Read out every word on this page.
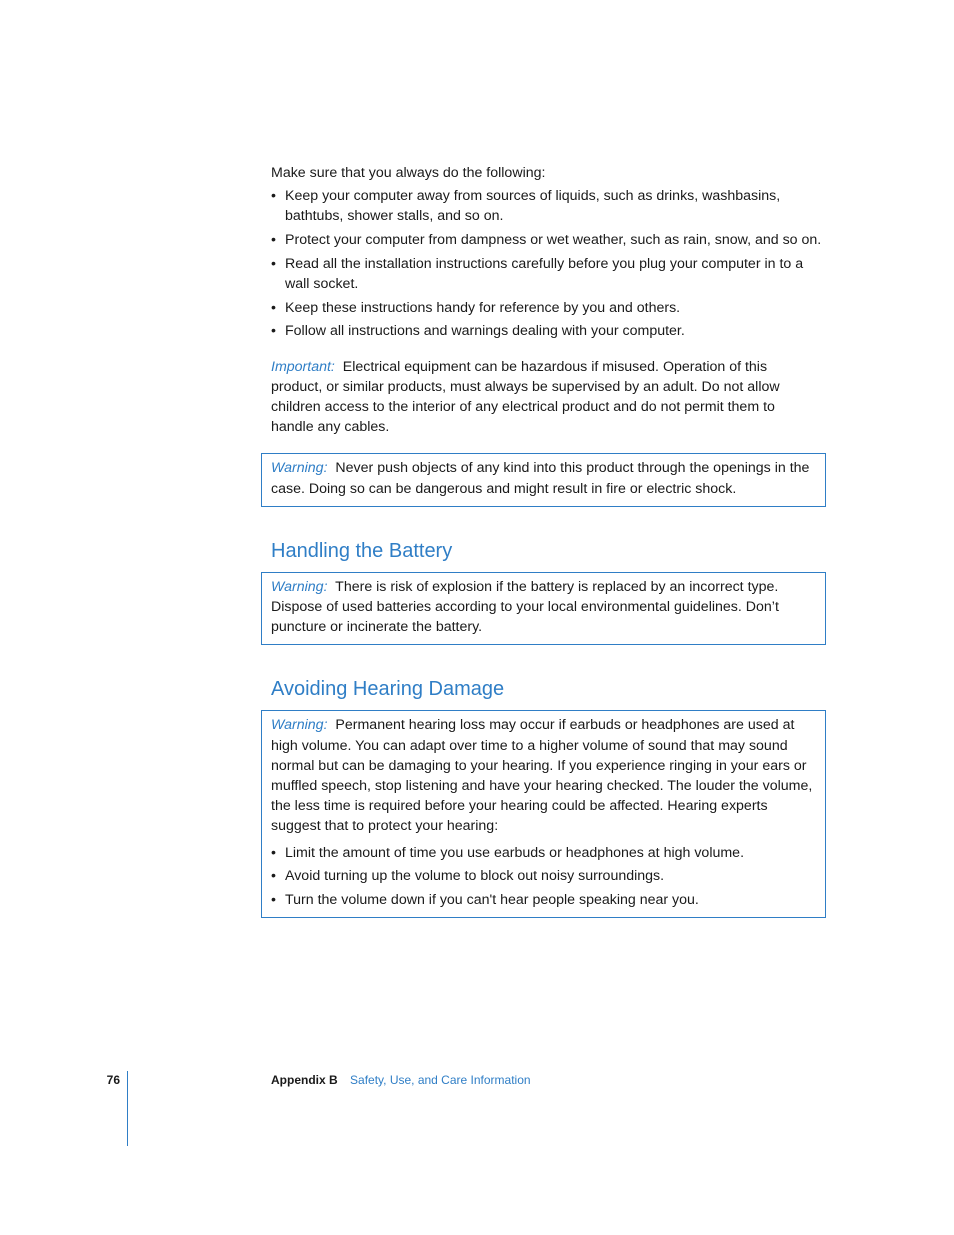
Make sure that you always do the following:

• Keep your computer away from sources of liquids, such as drinks, washbasins, bathtubs, shower stalls, and so on.
• Protect your computer from dampness or wet weather, such as rain, snow, and so on.
• Read all the installation instructions carefully before you plug your computer in to a wall socket.
• Keep these instructions handy for reference by you and others.
• Follow all instructions and warnings dealing with your computer.

Important: Electrical equipment can be hazardous if misused. Operation of this product, or similar products, must always be supervised by an adult. Do not allow children access to the interior of any electrical product and do not permit them to handle any cables.

Warning: Never push objects of any kind into this product through the openings in the case. Doing so can be dangerous and might result in fire or electric shock.

Handling the Battery

Warning: There is risk of explosion if the battery is replaced by an incorrect type. Dispose of used batteries according to your local environmental guidelines. Don’t puncture or incinerate the battery.

Avoiding Hearing Damage

Warning: Permanent hearing loss may occur if earbuds or headphones are used at high volume. You can adapt over time to a higher volume of sound that may sound normal but can be damaging to your hearing. If you experience ringing in your ears or muffled speech, stop listening and have your hearing checked. The louder the volume, the less time is required before your hearing could be affected. Hearing experts suggest that to protect your hearing:

• Limit the amount of time you use earbuds or headphones at high volume.
• Avoid turning up the volume to block out noisy surroundings.
• Turn the volume down if you can't hear people speaking near you.
76	Appendix B Safety, Use, and Care Information
